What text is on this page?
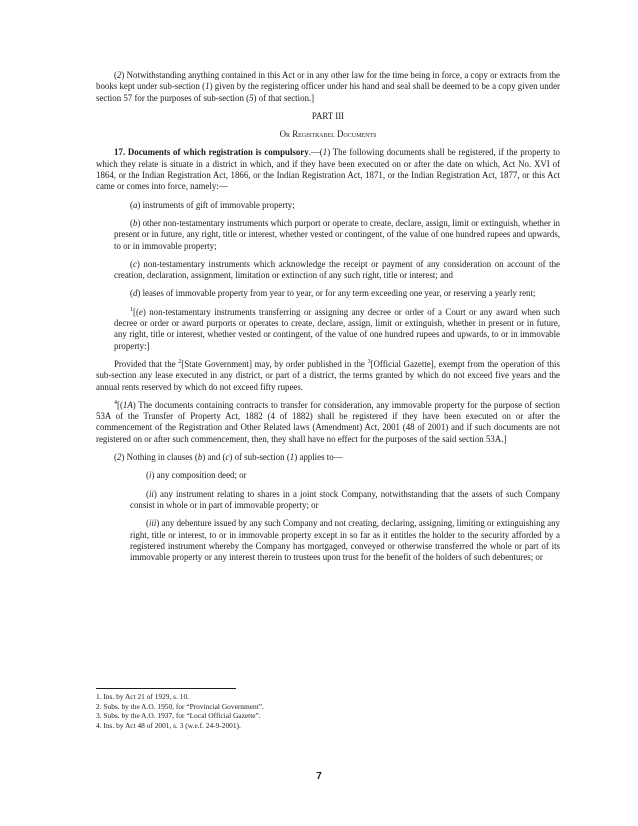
(2) Notwithstanding anything contained in this Act or in any other law for the time being in force, a copy or extracts from the books kept under sub-section (1) given by the registering officer under his hand and seal shall be deemed to be a copy given under section 57 for the purposes of sub-section (5) of that section.]

PART III

Or Registrabel Documents

17. Documents of which registration is compulsory.—(1) The following documents shall be registered, if the property to which they relate is situate in a district in which, and if they have been executed on or after the date on which, Act No. XVI of 1864, or the Indian Registration Act, 1866, or the Indian Registration Act, 1871, or the Indian Registration Act, 1877, or this Act came or comes into force, namely:—

(a) instruments of gift of immovable property;

(b) other non-testamentary instruments which purport or operate to create, declare, assign, limit or extinguish, whether in present or in future, any right, title or interest, whether vested or contingent, of the value of one hundred rupees and upwards, to or in immovable property;

(c) non-testamentary instruments which acknowledge the receipt or payment of any consideration on account of the creation, declaration, assignment, limitation or extinction of any such right, title or interest; and

(d) leases of immovable property from year to year, or for any term exceeding one year, or reserving a yearly rent;

$^1$[(e) non-testamentary instruments transferring or assigning any decree or order of a Court or any award when such decree or order or award purports or operates to create, declare, assign, limit or extinguish, whether in present or in future, any right, title or interest, whether vested or contingent, of the value of one hundred rupees and upwards, to or in immovable property:]

Provided that the $^2$[State Government] may, by order published in the $^3$[Official Gazette], exempt from the operation of this sub-section any lease executed in any district, or part of a district, the terms granted by which do not exceed five years and the annual rents reserved by which do not exceed fifty rupees.

$^4$[(1A) The documents containing contracts to transfer for consideration, any immovable property for the purpose of section 53A of the Transfer of Property Act, 1882 (4 of 1882) shall be registered if they have been executed on or after the commencement of the Registration and Other Related laws (Amendment) Act, 2001 (48 of 2001) and if such documents are not registered on or after such commencement, then, they shall have no effect for the purposes of the said section 53A.]

(2) Nothing in clauses (b) and (c) of sub-section (1) applies to—

(i) any composition deed; or

(ii) any instrument relating to shares in a joint stock Company, notwithstanding that the assets of such Company consist in whole or in part of immovable property; or

(iii) any debenture issued by any such Company and not creating, declaring, assigning, limiting or extinguishing any right, title or interest, to or in immovable property except in so far as it entitles the holder to the security afforded by a registered instrument whereby the Company has mortgaged, conveyed or otherwise transferred the whole or part of its immovable property or any interest therein to trustees upon trust for the benefit of the holders of such debentures; or

1. Ins. by Act 21 of 1929, s. 10.

2. Subs. by the A.O. 1950, for “Provincial Government”.

3. Subs. by the A.O. 1937, for “Local Official Gazette”.

4. Ins. by Act 48 of 2001, s. 3 (w.e.f. 24-9-2001).

7
